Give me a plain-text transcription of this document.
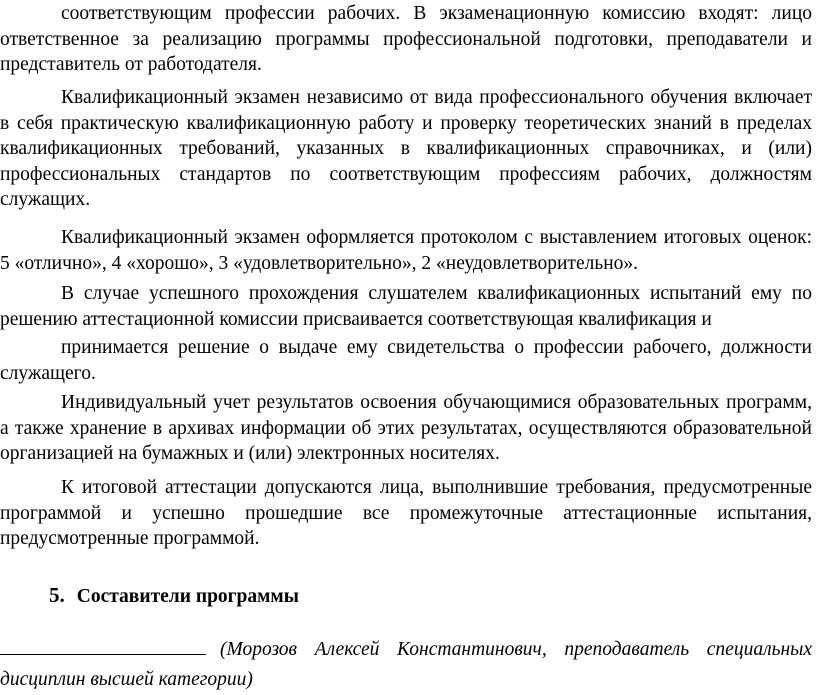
соответствующим профессии рабочих. В экзаменационную комиссию входят: лицо ответственное за реализацию программы профессиональной подготовки, преподаватели и представитель от работодателя.

Квалификационный экзамен независимо от вида профессионального обучения включает в себя практическую квалификационную работу и проверку теоретических знаний в пределах квалификационных требований, указанных в квалификационных справочниках, и (или) профессиональных стандартов по соответствующим профессиям рабочих, должностям служащих.

Квалификационный экзамен оформляется протоколом с выставлением итоговых оценок: 5 «отлично», 4 «хорошо», 3 «удовлетворительно», 2 «неудовлетворительно».

В случае успешного прохождения слушателем квалификационных испытаний ему по решению аттестационной комиссии присваивается соответствующая квалификация и

принимается решение о выдаче ему свидетельства о профессии рабочего, должности служащего.

Индивидуальный учет результатов освоения обучающимися образовательных программ, а также хранение в архивах информации об этих результатах, осуществляются образовательной организацией на бумажных и (или) электронных носителях.

К итоговой аттестации допускаются лица, выполнившие требования, предусмотренные программой и успешно прошедшие все промежуточные аттестационные испытания, предусмотренные программой.

5. Составители программы

(Морозов Алексей Константинович, преподаватель специальных дисциплин высшей категории)
